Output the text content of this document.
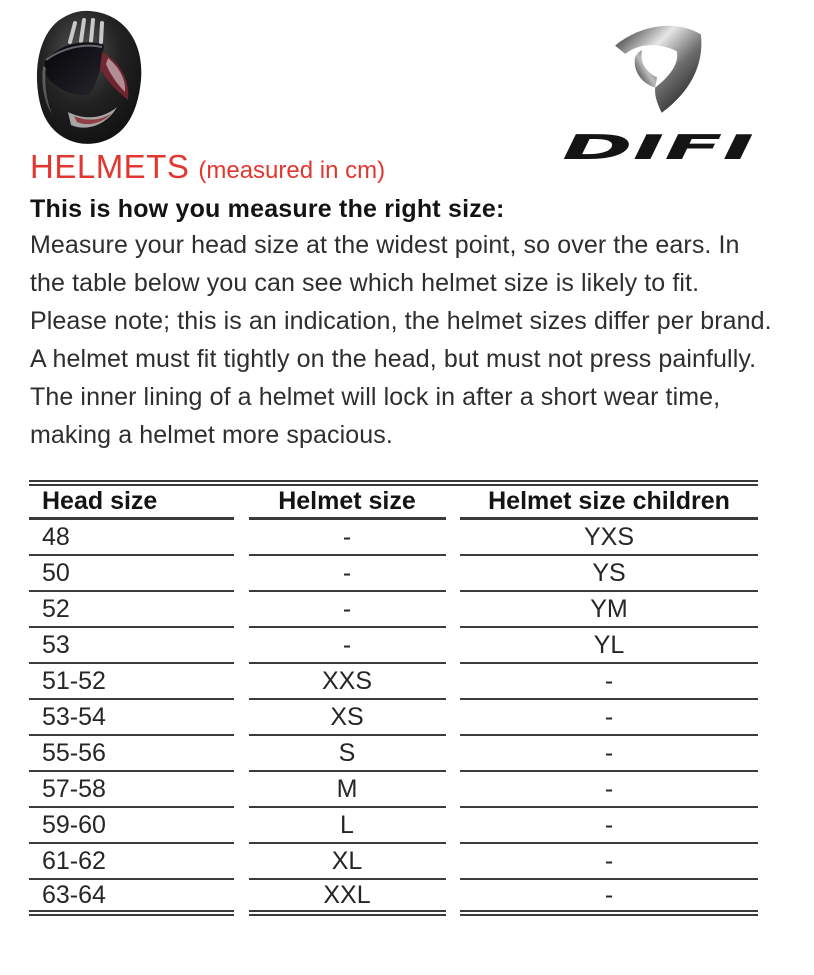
DIFI
HELMETS (measured in cm)
This is how you measure the right size:
Measure your head size at the widest point, so over the ears. In
the table below you can see which helmet size is likely to fit.
Please note; this is an indication, the helmet sizes differ per brand.
A helmet must fit tightly on the head, but must not press painfully.
The inner lining of a helmet will lock in after a short wear time,
making a helmet more spacious.
Head size	Helmet size	Helmet size children
48	-	YXS
50	-	YS
52	-	YM
53	-	YL
51-52	XXS	-
53-54	XS	-
55-56	S	-
57-58	M	-
59-60	L	-
61-62	XL	-
63-64	XXL	-
